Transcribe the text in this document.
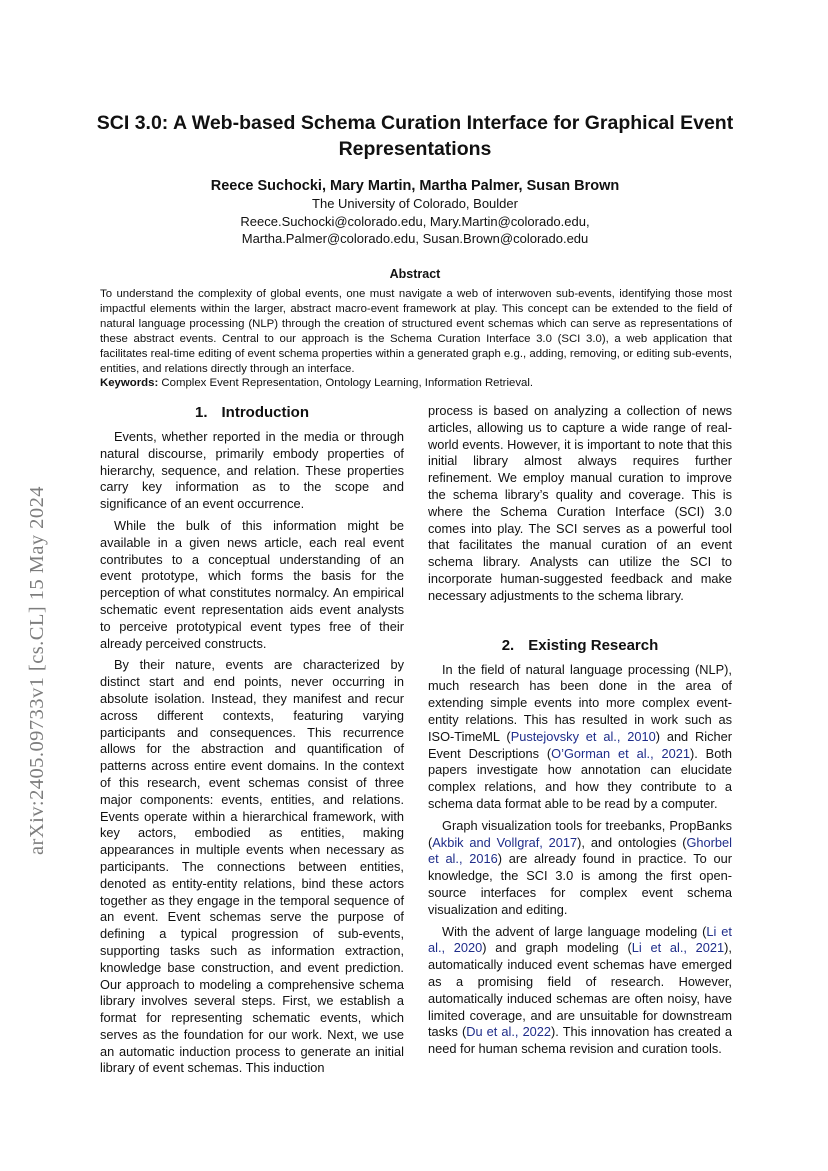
arXiv:2405.09733v1 [cs.CL] 15 May 2024
SCI 3.0: A Web-based Schema Curation Interface for Graphical Event Representations
Reece Suchocki, Mary Martin, Martha Palmer, Susan Brown
The University of Colorado, Boulder
Reece.Suchocki@colorado.edu, Mary.Martin@colorado.edu,
Martha.Palmer@colorado.edu, Susan.Brown@colorado.edu
Abstract

To understand the complexity of global events, one must navigate a web of interwoven sub-events, identifying those most impactful elements within the larger, abstract macro-event framework at play. This concept can be extended to the field of natural language processing (NLP) through the creation of structured event schemas which can serve as representations of these abstract events. Central to our approach is the Schema Curation Interface 3.0 (SCI 3.0), a web application that facilitates real-time editing of event schema properties within a generated graph e.g., adding, removing, or editing sub-events, entities, and relations directly through an interface.

Keywords: Complex Event Representation, Ontology Learning, Information Retrieval.
1. Introduction

Events, whether reported in the media or through natural discourse, primarily embody properties of hierarchy, sequence, and relation. These properties carry key information as to the scope and significance of an event occurrence.

While the bulk of this information might be available in a given news article, each real event contributes to a conceptual understanding of an event prototype, which forms the basis for the perception of what constitutes normalcy. An empirical schematic event representation aids event analysts to perceive prototypical event types free of their already perceived constructs.

By their nature, events are characterized by distinct start and end points, never occurring in absolute isolation. Instead, they manifest and recur across different contexts, featuring varying participants and consequences. This recurrence allows for the abstraction and quantification of patterns across entire event domains. In the context of this research, event schemas consist of three major components: events, entities, and relations. Events operate within a hierarchical framework, with key actors, embodied as entities, making appearances in multiple events when necessary as participants. The connections between entities, denoted as entity-entity relations, bind these actors together as they engage in the temporal sequence of an event. Event schemas serve the purpose of defining a typical progression of sub-events, supporting tasks such as information extraction, knowledge base construction, and event prediction. Our approach to modeling a comprehensive schema library involves several steps. First, we establish a format for representing schematic events, which serves as the foundation for our work. Next, we use an automatic induction process to generate an initial library of event schemas. This induction

process is based on analyzing a collection of news articles, allowing us to capture a wide range of real-world events. However, it is important to note that this initial library almost always requires further refinement. We employ manual curation to improve the schema library’s quality and coverage. This is where the Schema Curation Interface (SCI) 3.0 comes into play. The SCI serves as a powerful tool that facilitates the manual curation of an event schema library. Analysts can utilize the SCI to incorporate human-suggested feedback and make necessary adjustments to the schema library.

2. Existing Research

In the field of natural language processing (NLP), much research has been done in the area of extending simple events into more complex event-entity relations. This has resulted in work such as ISO-TimeML (Pustejovsky et al., 2010) and Richer Event Descriptions (O’Gorman et al., 2021). Both papers investigate how annotation can elucidate complex relations, and how they contribute to a schema data format able to be read by a computer.

Graph visualization tools for treebanks, PropBanks (Akbik and Vollgraf, 2017), and ontologies (Ghorbel et al., 2016) are already found in practice. To our knowledge, the SCI 3.0 is among the first open-source interfaces for complex event schema visualization and editing.

With the advent of large language modeling (Li et al., 2020) and graph modeling (Li et al., 2021), automatically induced event schemas have emerged as a promising field of research. However, automatically induced schemas are often noisy, have limited coverage, and are unsuitable for downstream tasks (Du et al., 2022). This innovation has created a need for human schema revision and curation tools.
